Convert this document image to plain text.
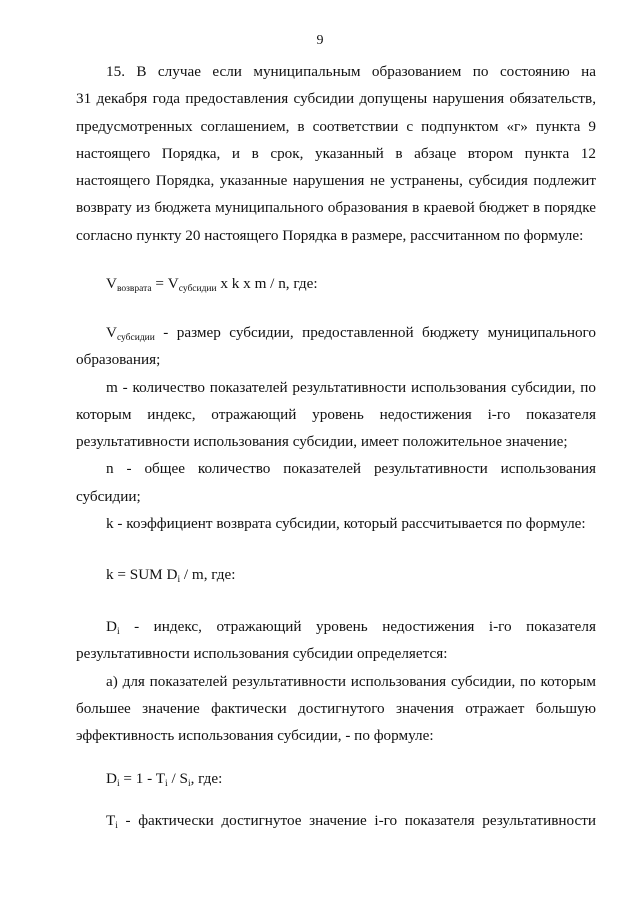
9
15. В случае если муниципальным образованием по состоянию на
31 декабря года предоставления субсидии допущены нарушения обязательств,
предусмотренных соглашением, в соответствии с подпунктом «г» пункта 9
настоящего Порядка, и в срок, указанный в абзаце втором пункта 12
настоящего Порядка, указанные нарушения не устранены, субсидия подлежит
возврату из бюджета муниципального образования в краевой бюджет в порядке
согласно пункту 20 настоящего Порядка в размере, рассчитанном по формуле:
$V_{возврата} = V_{субсидии}$ x k x m / n, где:
$V_{субсидии}$ - размер субсидии, предоставленной бюджету муниципального
образования;
m - количество показателей результативности использования субсидии, по
которым индекс, отражающий уровень недостижения i-го показателя
результативности использования субсидии, имеет положительное значение;
n - общее количество показателей результативности использования
субсидии;
k - коэффициент возврата субсидии, который рассчитывается по формуле:
k = SUM $D_i$ / m, где:
$D_i$ - индекс, отражающий уровень недостижения i-го показателя
результативности использования субсидии определяется:
а) для показателей результативности использования субсидии, по которым
большее значение фактически достигнутого значения отражает большую
эффективность использования субсидии, - по формуле:
$D_i = 1 - T_i / S_i$, где:
$T_i$ - фактически достигнутое значение i-го показателя результативности
